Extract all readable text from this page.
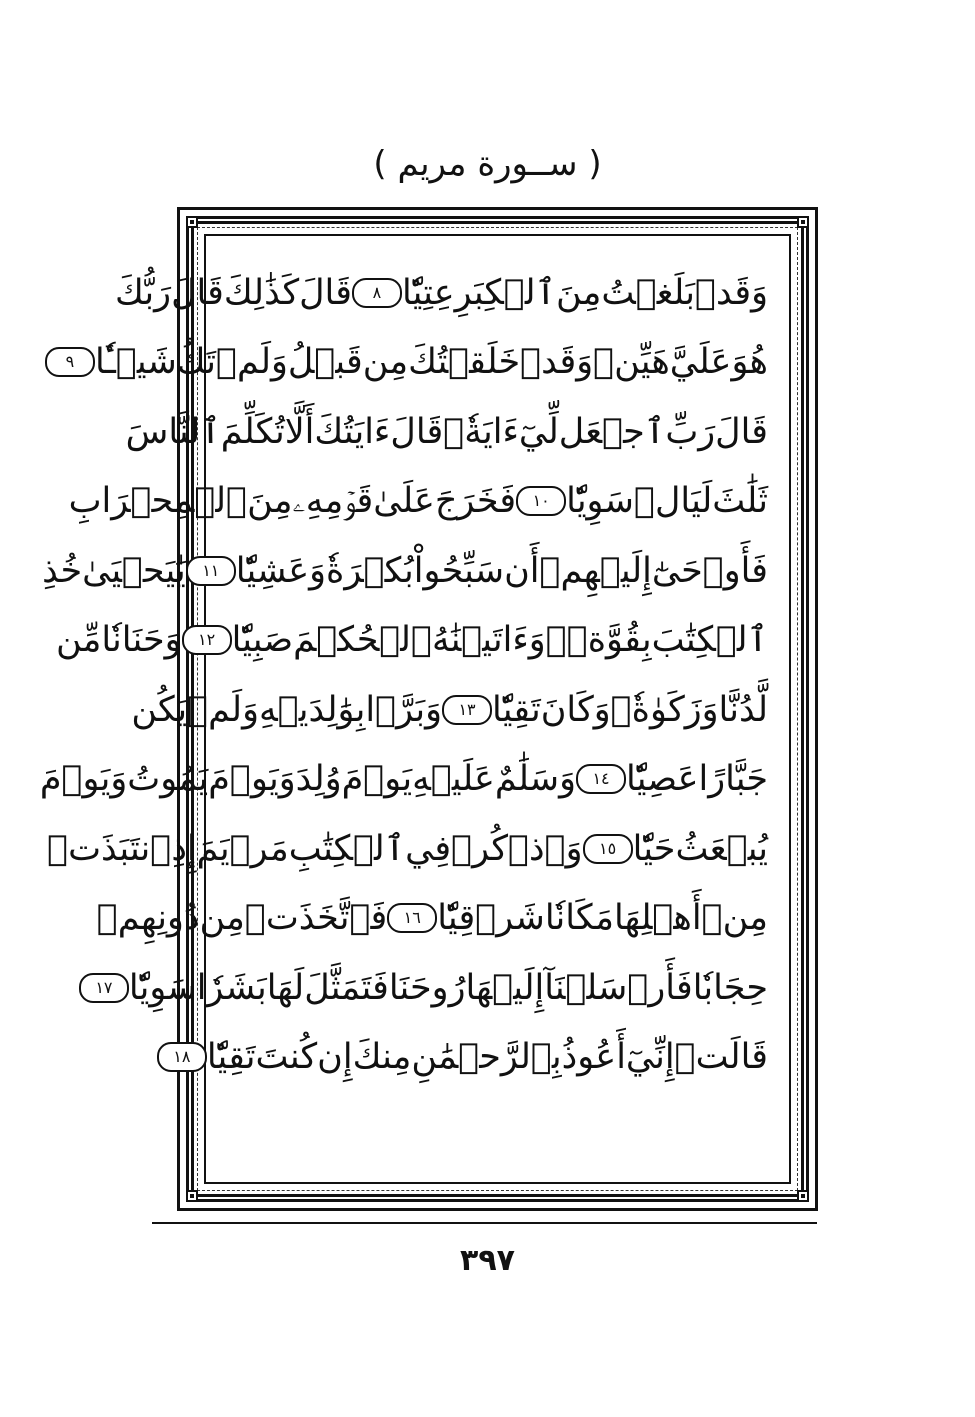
( ســورة مريم )
وَقَدۡ
بَلَغۡتُ
مِنَ
ٱلۡكِبَرِ
عِتِيّٗا
٨
قَالَ
كَذَٰلِكَ
قَالَ
رَبُّكَ
هُوَ
عَلَيَّ
هَيِّنٞ
وَقَدۡ
خَلَقۡتُكَ
مِن
قَبۡلُ
وَلَمۡ
تَكُ
شَيۡـٔٗا
٩
قَالَ
رَبِّ
ٱجۡعَل
لِّيٓ
ءَايَةٗۚ
قَالَ
ءَايَتُكَ
أَلَّا
تُكَلِّمَ
ٱلنَّاسَ
ثَلَٰثَ
لَيَالٖ
سَوِيّٗا
١٠
فَخَرَجَ
عَلَىٰ
قَوۡمِهِۦ
مِنَ
ٱلۡمِحۡرَابِ
فَأَوۡحَىٰٓ
إِلَيۡهِمۡ
أَن
سَبِّحُواْ
بُكۡرَةٗ
وَعَشِيّٗا
١١
يَٰيَحۡيَىٰ
خُذِ
ٱلۡكِتَٰبَ
بِقُوَّةٖۖ
وَءَاتَيۡنَٰهُ
ٱلۡحُكۡمَ
صَبِيّٗا
١٢
وَحَنَانٗا
مِّن
لَّدُنَّا
وَزَكَوٰةٗۖ
وَكَانَ
تَقِيّٗا
١٣
وَبَرَّۢا
بِوَٰلِدَيۡهِ
وَلَمۡ
يَكُن
جَبَّارًا
عَصِيّٗا
١٤
وَسَلَٰمٌ
عَلَيۡهِ
يَوۡمَ
وُلِدَ
وَيَوۡمَ
يَمُوتُ
وَيَوۡمَ
يُبۡعَثُ
حَيّٗا
١٥
وَٱذۡكُرۡ
فِي
ٱلۡكِتَٰبِ
مَرۡيَمَ
إِذِ
ٱنتَبَذَتۡ
مِنۡ
أَهۡلِهَا
مَكَانٗا
شَرۡقِيّٗا
١٦
فَٱتَّخَذَتۡ
مِن
دُونِهِمۡ
حِجَابٗا
فَأَرۡسَلۡنَآ
إِلَيۡهَا
رُوحَنَا
فَتَمَثَّلَ
لَهَا
بَشَرٗا
سَوِيّٗا
١٧
قَالَتۡ
إِنِّيٓ
أَعُوذُ
بِٱلرَّحۡمَٰنِ
مِنكَ
إِن
كُنتَ
تَقِيّٗا
١٨
٣٩٧
